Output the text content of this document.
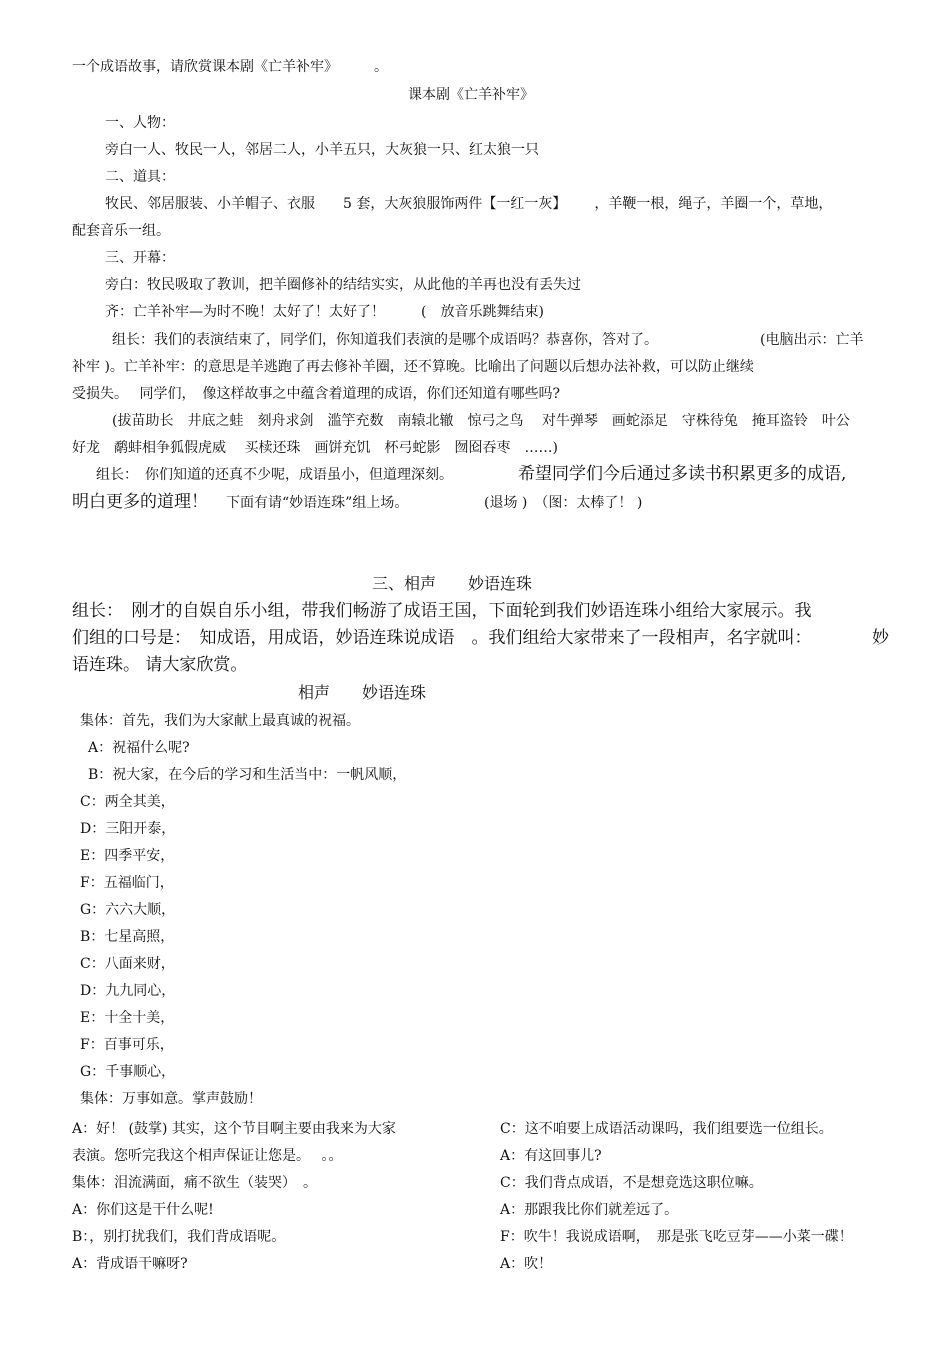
一个成语故事，请欣赏课本剧《亡羊补牢》	。
课本剧《亡羊补牢》
一、人物：
旁白一人、牧民一人，邻居二人，小羊五只，大灰狼一只、红太狼一只
二、道具：
牧民、邻居服装、小羊帽子、衣服 5 套，大灰狼服饰两件【一红一灰】 ，羊鞭一根，绳子，羊圈一个，草地，
配套音乐一组。
三、开幕：
旁白：牧民吸取了教训，把羊圈修补的结结实实，从此他的羊再也没有丢失过
齐：亡羊补牢—为时不晚！太好了！太好了！	(　放音乐跳舞结束)
组长：我们的表演结束了，同学们，你知道我们表演的是哪个成语吗？恭喜你，答对了。	(电脑出示：亡羊
补牢 )。亡羊补牢：的意思是羊逃跑了再去修补羊圈，还不算晚。比喻出了问题以后想办法补救，可以防止继续
受损失。　 同学们，　像这样故事之中蕴含着道理的成语，你们还知道有哪些吗?
(拔苗助长　井底之蛙　刻舟求剑　滥竽充数　南辕北辙　惊弓之鸟　 对牛弹琴　画蛇添足　守株待兔　掩耳盗铃　叶公
好龙　鹬蚌相争狐假虎威　 买椟还珠　画饼充饥　杯弓蛇影　囫囵吞枣　……)
组长：　你们知道的还真不少呢，成语虽小，但道理深刻。	希望同学们今后通过多读书积累更多的成语,
明白更多的道理！ 下面有请“妙语连珠”组上场。	(退场 )　（图：太棒了！ )
三、相声　　妙语连珠
组长：　刚才的自娱自乐小组，带我们畅游了成语王国，下面轮到我们妙语连珠小组给大家展示。我
们组的口号是：　知成语，用成语，妙语连珠说成语　。我们组给大家带来了一段相声，名字就叫：	妙
语连珠。 请大家欣赏。
相声　　妙语连珠
集体：首先，我们为大家献上最真诚的祝福。
A：祝福什么呢?
B：祝大家，在今后的学习和生活当中：一帆风顺，
C：两全其美，
D：三阳开泰，
E：四季平安，
F：五福临门，
G：六六大顺，
B：七星高照，
C：八面来财，
D：九九同心，
E：十全十美，
F：百事可乐，
G：千事顺心，
集体：万事如意。掌声鼓励！
A：好！ (鼓掌) 其实，这个节目啊主要由我来为大家
表演。您听完我这个相声保证让您是。　 。。
集体：泪流满面，痛不欲生（装哭）　。
A：你们这是干什么呢!
B：，别打扰我们，我们背成语呢。
A：背成语干嘛呀?
C：这不咱要上成语活动课吗，我们组要选一位组长。
A：有这回事儿?
C：我们背点成语，不是想竞选这职位嘛。
A：那跟我比你们就差远了。
F：吹牛！我说成语啊，　那是张飞吃豆芽——小菜一碟！
A：吹！
